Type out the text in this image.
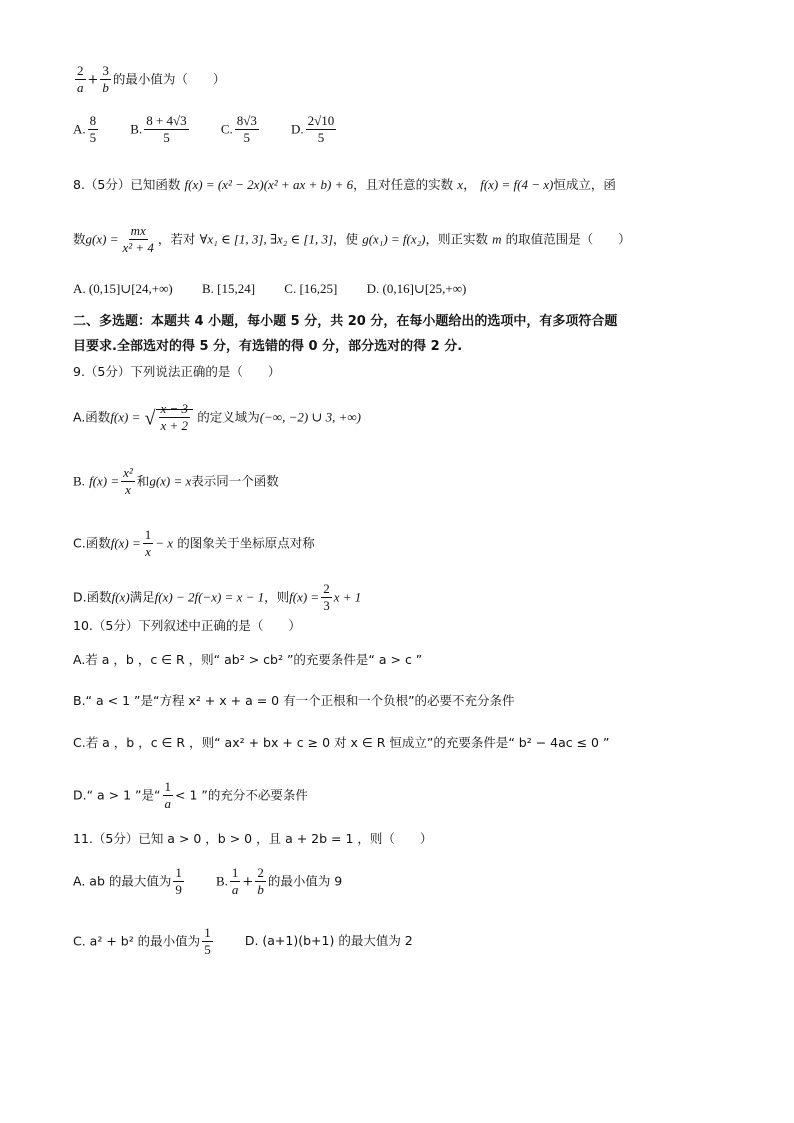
$\frac{2}{a} + \frac{3}{b}$ 的最小值为（　　）
A. $\frac{8}{5} B$. $\frac{8 + 4√3}{5} C$. $\frac{8√3}{5} D$. $\frac{2√10}{5}$
8.（5分）已知函数 f(x) = (x² − 2x)(x² + ax + b) + 6，且对任意的实数 x， f(x) = f(4 − x)恒成立，函
数$g(x) = \frac{mx}{\text{x² + 4}}$ ，若对 ∀x₁ ∈ [1, 3], ∃x₂ ∈ [1, 3]，使 g(x₁) = f(x₂)，则正实数 m 的取值范围是（　　）
A. (0,15]∪[24,+∞) B. [15,24] C. [16,25] D. (0,16]∪[25,+∞)
二、多选题：本题共 4 小题，每小题 5 分，共 20 分，在每小题给出的选项中，有多项符合题
目要求.全部选对的得 5 分，有选错的得 0 分，部分选对的得 2 分.
9.（5分）下列说法正确的是（　　）
A.函数f(x) = √ $\frac{x - 3}{x + 2}$ 的定义域为(−∞, −2) ∪ 3, +∞)
B. $f(x) = \frac{\text{x²}}{x}$ 和g(x) = x表示同一个函数
C.函数$f(x) = \frac{1}{x} - x$ 的图象关于坐标原点对称
D.函数f(x)满足f(x) − 2f(−x) = x − 1，则$f(x) = \frac{2}{3}$ x + 1
10.（5分）下列叙述中正确的是（　　）
A.若 a ，b ，c ∈ R ，则“ ab² > cb² ”的充要条件是“ a > c ”
B.“ a < 1 ”是“方程 x² + x + a = 0 有一个正根和一个负根”的必要不充分条件
C.若 a ，b ，c ∈ R ，则“ ax² + bx + c ≥ 0 对 x ∈ R 恒成立”的充要条件是“ b² − 4ac ≤ 0 ”
D.“ a > 1 ”是“ $\frac{1}{a} < 1$ ”的充分不必要条件
11.（5分）已知 a > 0 ，b > 0 ，且 a + 2b = 1 ，则（　　）
A. ab 的最大值为 $\frac{1}{9} B$. $\frac{1}{a} + \frac{2}{b}$ 的最小值为 9
C. a² + b² 的最小值为 $\frac{1}{5}$	D. (a+1)(b+1) 的最大值为 2
